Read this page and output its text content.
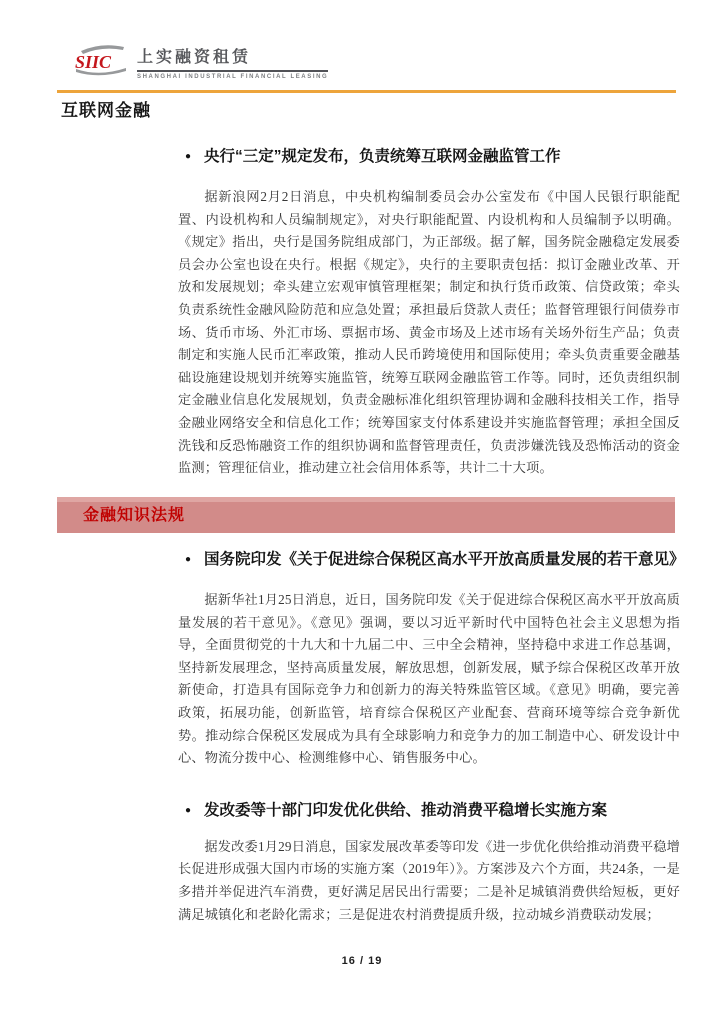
SIIC 上实融资租赁
SHANGHAI INDUSTRIAL FINANCIAL LEASING
互联网金融
● 央行“三定”规定发布，负责统筹互联网金融监管工作

据新浪网2月2日消息，中央机构编制委员会办公室发布《中国人民银行职能配置、内设机构和人员编制规定》，对央行职能配置、内设机构和人员编制予以明确。《规定》指出，央行是国务院组成部门，为正部级。据了解，国务院金融稳定发展委员会办公室也设在央行。根据《规定》，央行的主要职责包括：拟订金融业改革、开放和发展规划；牵头建立宏观审慎管理框架；制定和执行货币政策、信贷政策；牵头负责系统性金融风险防范和应急处置；承担最后贷款人责任；监督管理银行间债券市场、货币市场、外汇市场、票据市场、黄金市场及上述市场有关场外衍生产品；负责制定和实施人民币汇率政策，推动人民币跨境使用和国际使用；牵头负责重要金融基础设施建设规划并统筹实施监管，统筹互联网金融监管工作等。同时，还负责组织制定金融业信息化发展规划，负责金融标准化组织管理协调和金融科技相关工作，指导金融业网络安全和信息化工作；统筹国家支付体系建设并实施监督管理；承担全国反洗钱和反恐怖融资工作的组织协调和监督管理责任，负责涉嫌洗钱及恐怖活动的资金监测；管理征信业，推动建立社会信用体系等，共计二十大项。

金融知识法规
● 国务院印发《关于促进综合保税区高水平开放高质量发展的若干意见》

据新华社1月25日消息，近日，国务院印发《关于促进综合保税区高水平开放高质量发展的若干意见》。《意见》强调，要以习近平新时代中国特色社会主义思想为指导，全面贯彻党的十九大和十九届二中、三中全会精神，坚持稳中求进工作总基调，坚持新发展理念，坚持高质量发展，解放思想，创新发展，赋予综合保税区改革开放新使命，打造具有国际竞争力和创新力的海关特殊监管区域。《意见》明确，要完善政策，拓展功能，创新监管，培育综合保税区产业配套、营商环境等综合竞争新优势。推动综合保税区发展成为具有全球影响力和竞争力的加工制造中心、研发设计中心、物流分拨中心、检测维修中心、销售服务中心。

● 发改委等十部门印发优化供给、推动消费平稳增长实施方案

据发改委1月29日消息，国家发展改革委等印发《进一步优化供给推动消费平稳增长促进形成强大国内市场的实施方案（2019年）》。方案涉及六个方面，共24条，一是多措并举促进汽车消费，更好满足居民出行需要；二是补足城镇消费供给短板，更好满足城镇化和老龄化需求；三是促进农村消费提质升级，拉动城乡消费联动发展；

16 / 19
